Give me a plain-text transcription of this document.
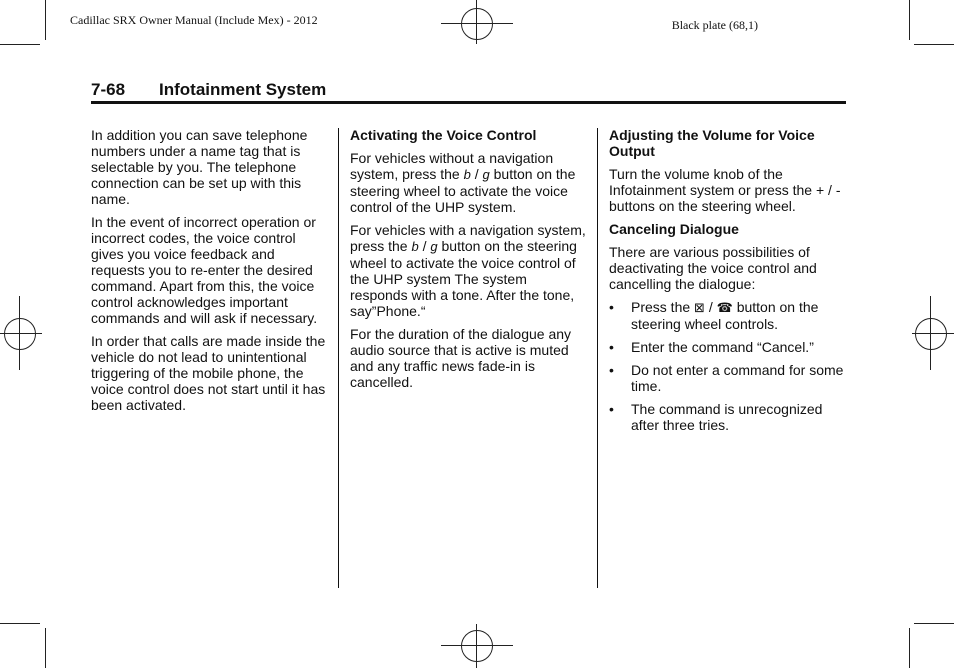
Cadillac SRX Owner Manual (Include Mex) - 2012	Black plate (68,1)
7-68 Infotainment System

In addition you can save telephone numbers under a name tag that is selectable by you. The telephone connection can be set up with this name.

In the event of incorrect operation or incorrect codes, the voice control gives you voice feedback and requests you to re-enter the desired command. Apart from this, the voice control acknowledges important commands and will ask if necessary.

In order that calls are made inside the vehicle do not lead to unintentional triggering of the mobile phone, the voice control does not start until it has been activated.

Activating the Voice Control

For vehicles without a navigation system, press the b / g button on the steering wheel to activate the voice control of the UHP system.

For vehicles with a navigation system, press the b / g button on the steering wheel to activate the voice control of the UHP system The system responds with a tone. After the tone, say”Phone.“

For the duration of the dialogue any audio source that is active is muted and any traffic news fade-in is cancelled.

Adjusting the Volume for Voice Output

Turn the volume knob of the Infotainment system or press the + / - buttons on the steering wheel.

Canceling Dialogue

There are various possibilities of deactivating the voice control and cancelling the dialogue:

• Press the ⊠ / ☎ button on the steering wheel controls.
• Enter the command “Cancel.”
• Do not enter a command for some time.
• The command is unrecognized after three tries.
